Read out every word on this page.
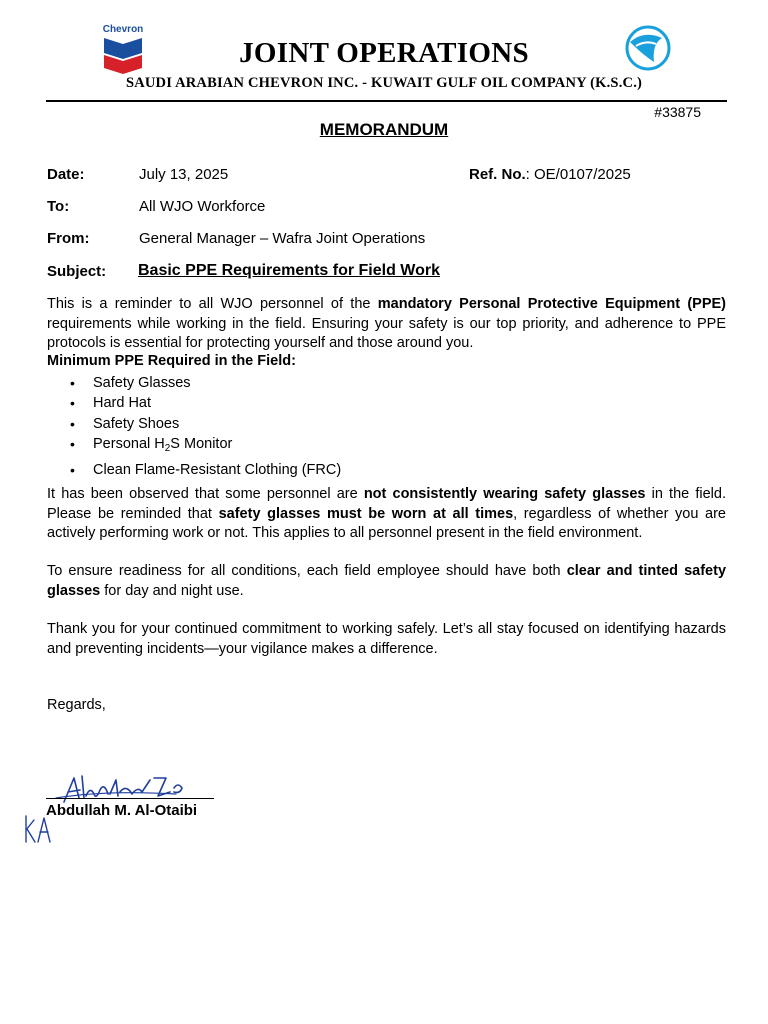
Chevron
JOINT OPERATIONS
SAUDI ARABIAN CHEVRON INC. - KUWAIT GULF OIL COMPANY (K.S.C.)
#33875
MEMORANDUM
Date:	July 13, 2025	Ref. No.: OE/0107/2025
To:	All WJO Workforce
From:	General Manager – Wafra Joint Operations
Subject: Basic PPE Requirements for Field Work
This is a reminder to all WJO personnel of the mandatory Personal Protective Equipment (PPE) requirements while working in the field. Ensuring your safety is our top priority, and adherence to PPE protocols is essential for protecting yourself and those around you.
Minimum PPE Required in the Field:
• Safety Glasses
• Hard Hat
• Safety Shoes
• Personal $H_2S$ Monitor
• Clean Flame-Resistant Clothing (FRC)
It has been observed that some personnel are not consistently wearing safety glasses in the field. Please be reminded that safety glasses must be worn at all times, regardless of whether you are actively performing work or not. This applies to all personnel present in the field environment.
To ensure readiness for all conditions, each field employee should have both clear and tinted safety glasses for day and night use.
Thank you for your continued commitment to working safely. Let’s all stay focused on identifying hazards and preventing incidents—your vigilance makes a difference.
Regards,
Abdullah M. Al-Otaibi
